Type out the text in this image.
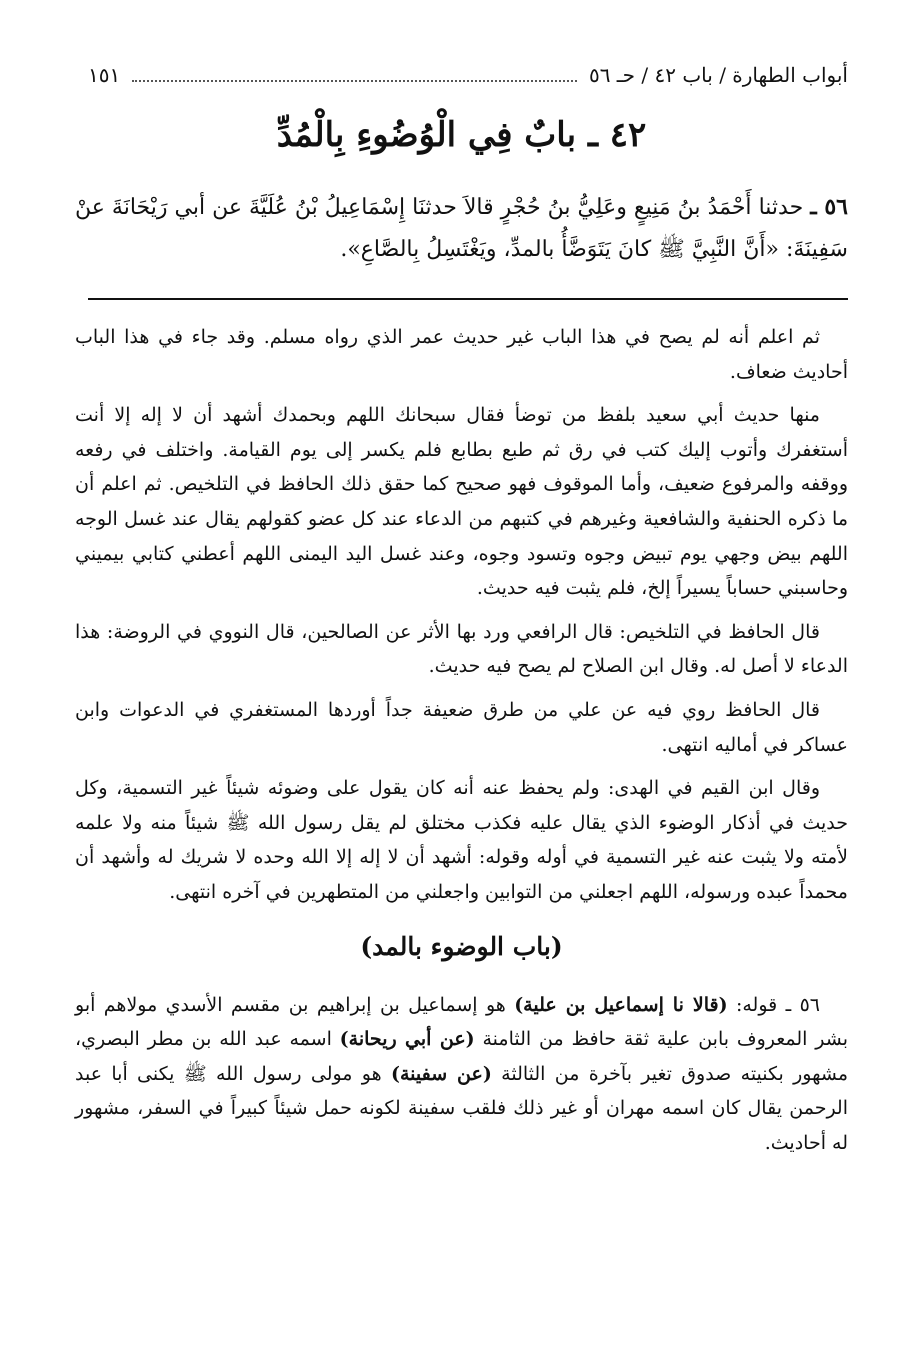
أبواب الطهارة / باب ٤٢ / حـ ٥٦
١٥١
٤٢ ـ بابٌ فِي الْوُضُوءِ بِالْمُدِّ
٥٦ ـ حدثنا أَحْمَدُ بنُ مَنِيعٍ وعَلِيُّ بنُ حُجْرٍ قالاَ حدثنَا إِسْمَاعِيلُ بْنُ عُلَيَّةَ عن أبي رَيْحَانَةَ عنْ سَفِينَةَ: «أَنَّ النَّبِيَّ ﷺ كانَ يَتَوَضَّأُ بالمدِّ، ويَغْتَسِلُ بِالصَّاعِ».

ثم اعلم أنه لم يصح في هذا الباب غير حديث عمر الذي رواه مسلم. وقد جاء في هذا الباب أحاديث ضعاف.

منها حديث أبي سعيد بلفظ من توضأ فقال سبحانك اللهم وبحمدك أشهد أن لا إله إلا أنت أستغفرك وأتوب إليك كتب في رق ثم طبع بطابع فلم يكسر إلى يوم القيامة. واختلف في رفعه ووقفه والمرفوع ضعيف، وأما الموقوف فهو صحيح كما حقق ذلك الحافظ في التلخيص. ثم اعلم أن ما ذكره الحنفية والشافعية وغيرهم في كتبهم من الدعاء عند كل عضو كقولهم يقال عند غسل الوجه اللهم بيض وجهي يوم تبيض وجوه وتسود وجوه، وعند غسل اليد اليمنى اللهم أعطني كتابي بيميني وحاسبني حساباً يسيراً إلخ، فلم يثبت فيه حديث.

قال الحافظ في التلخيص: قال الرافعي ورد بها الأثر عن الصالحين، قال النووي في الروضة: هذا الدعاء لا أصل له. وقال ابن الصلاح لم يصح فيه حديث.

قال الحافظ روي فيه عن علي من طرق ضعيفة جداً أوردها المستغفري في الدعوات وابن عساكر في أماليه انتهى.

وقال ابن القيم في الهدى: ولم يحفظ عنه أنه كان يقول على وضوئه شيئاً غير التسمية، وكل حديث في أذكار الوضوء الذي يقال عليه فكذب مختلق لم يقل رسول الله ﷺ شيئاً منه ولا علمه لأمته ولا يثبت عنه غير التسمية في أوله وقوله: أشهد أن لا إله إلا الله وحده لا شريك له وأشهد أن محمداً عبده ورسوله، اللهم اجعلني من التوابين واجعلني من المتطهرين في آخره انتهى.

(باب الوضوء بالمد)

٥٦ ـ قوله: (قالا نا إسماعيل بن علية) هو إسماعيل بن إبراهيم بن مقسم الأسدي مولاهم أبو بشر المعروف بابن علية ثقة حافظ من الثامنة (عن أبي ريحانة) اسمه عبد الله بن مطر البصري، مشهور بكنيته صدوق تغير بآخرة من الثالثة (عن سفينة) هو مولى رسول الله ﷺ يكنى أبا عبد الرحمن يقال كان اسمه مهران أو غير ذلك فلقب سفينة لكونه حمل شيئاً كبيراً في السفر، مشهور له أحاديث.
